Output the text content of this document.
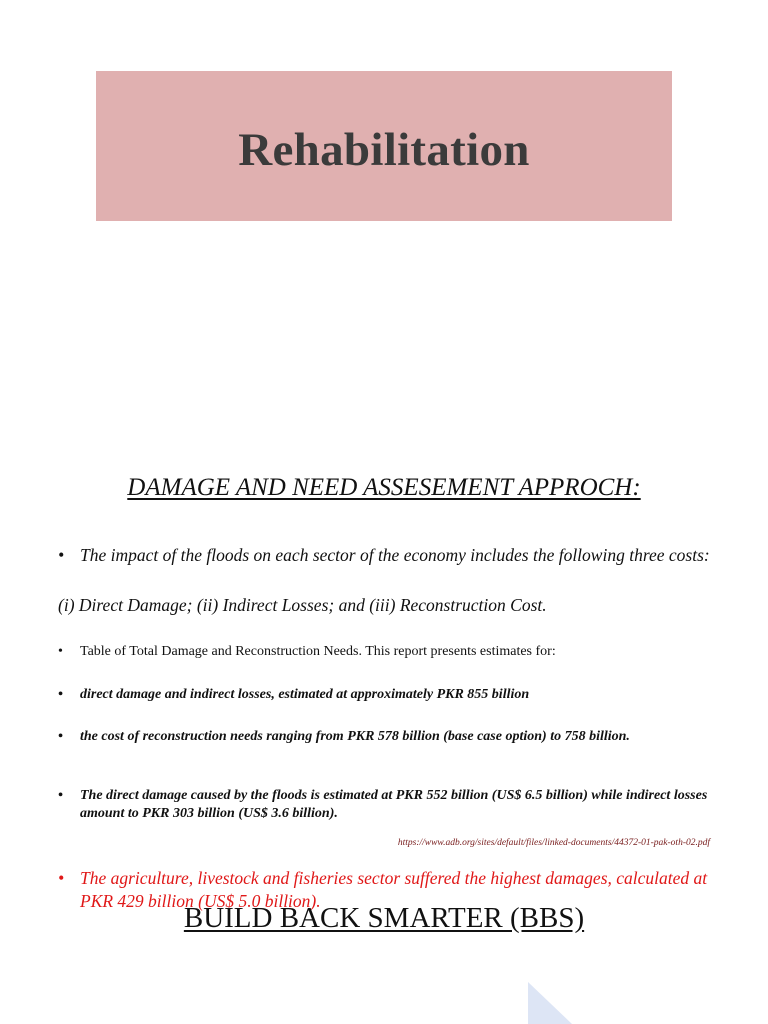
Rehabilitation
DAMAGE AND NEED ASSESEMENT APPROCH:
• The impact of the floods on each sector of the economy includes the following three costs:
(i) Direct Damage; (ii) Indirect Losses; and (iii) Reconstruction Cost.
• Table of Total Damage and Reconstruction Needs. This report presents estimates for:
• direct damage and indirect losses, estimated at approximately PKR 855 billion
• the cost of reconstruction needs ranging from PKR 578 billion (base case option) to 758 billion.
• The direct damage caused by the floods is estimated at PKR 552 billion (US$ 6.5 billion) while indirect losses amount to PKR 303 billion (US$ 3.6 billion).
• The agriculture, livestock and fisheries sector suffered the highest damages, calculated at PKR 429 billion (US$ 5.0 billion).
https://www.adb.org/sites/default/files/linked-documents/44372-01-pak-oth-02.pdf
BUILD BACK SMARTER (BBS)
